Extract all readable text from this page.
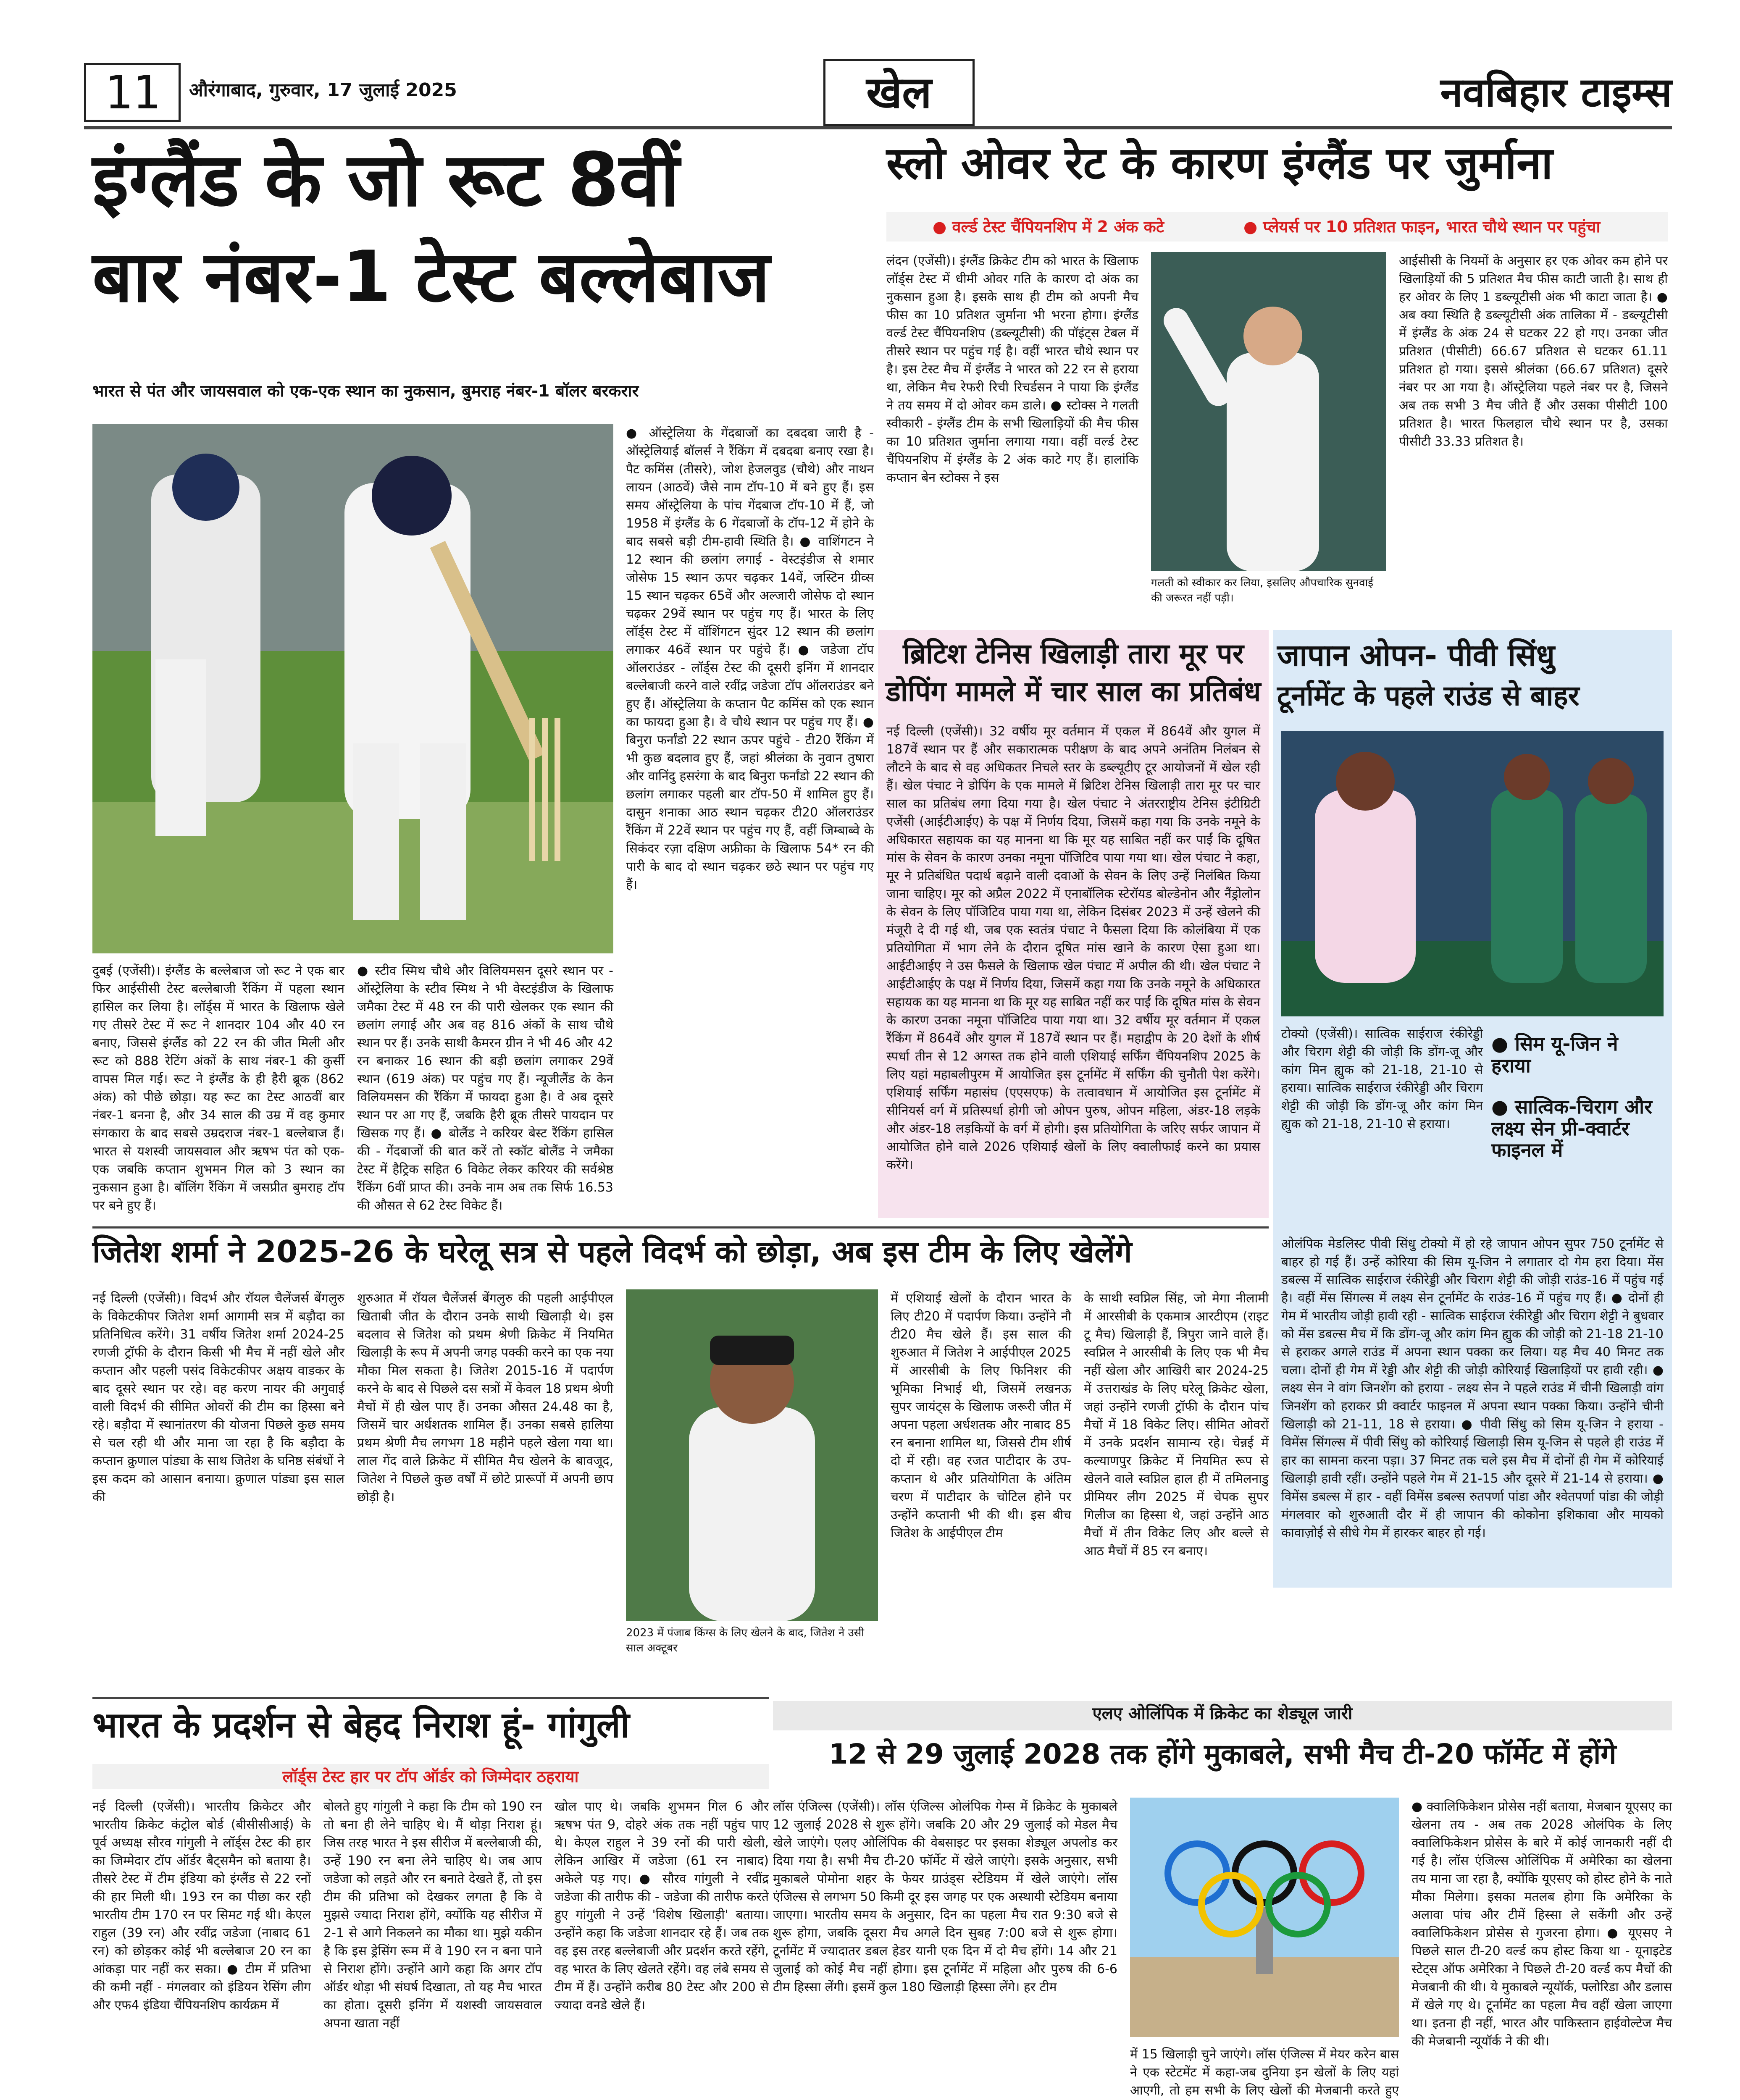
11	औरंगाबाद, गुरुवार, 17 जुलाई 2025	खेल	नवबिहार टाइम्स
इंग्लैंड के जो रूट 8वीं
बार नंबर-1 टेस्ट बल्लेबाज
भारत से पंत और जायसवाल को एक-एक स्थान का नुकसान, बुमराह नंबर-1 बॉलर बरकरार
दुबई (एजेंसी)। इंग्लैंड के बल्लेबाज जो रूट ने एक बार फिर आईसीसी टेस्ट बल्लेबाजी रैंकिंग में पहला स्थान हासिल कर लिया है। लॉर्ड्स में भारत के खिलाफ खेले गए तीसरे टेस्ट में रूट ने शानदार 104 और 40 रन बनाए, जिससे इंग्लैंड को 22 रन की जीत मिली और रूट को 888 रेटिंग अंकों के साथ नंबर-1 की कुर्सी वापस मिल गई। रूट ने इंग्लैंड के ही हैरी ब्रूक (862 अंक) को पीछे छोड़ा। यह रूट का टेस्ट आठवीं बार नंबर-1 बनना है, और 34 साल की उम्र में वह कुमार संगकारा के बाद सबसे उम्रदराज नंबर-1 बल्लेबाज हैं। भारत से यशस्वी जायसवाल और ऋषभ पंत को एक-एक जबकि कप्तान शुभमन गिल को 3 स्थान का नुकसान हुआ है। बॉलिंग रैंकिंग में जसप्रीत बुमराह टॉप पर बने हुए हैं।
● स्टीव स्मिथ चौथे और विलियमसन दूसरे स्थान पर - ऑस्ट्रेलिया के स्टीव स्मिथ ने भी वेस्टइंडीज के खिलाफ जमैका टेस्ट में 48 रन की पारी खेलकर एक स्थान की छलांग लगाई और अब वह 816 अंकों के साथ चौथे स्थान पर हैं। उनके साथी कैमरन ग्रीन ने भी 46 और 42 रन बनाकर 16 स्थान की बड़ी छलांग लगाकर 29वें स्थान (619 अंक) पर पहुंच गए हैं। न्यूजीलैंड के केन विलियमसन की रैंकिंग में फायदा हुआ है। वे अब दूसरे स्थान पर आ गए हैं, जबकि हैरी ब्रूक तीसरे पायदान पर खिसक गए हैं। ● बोलैंड ने करियर बेस्ट रैंकिंग हासिल की - गेंदबाजों की बात करें तो स्कॉट बोलैंड ने जमैका टेस्ट में हैट्रिक सहित 6 विकेट लेकर करियर की सर्वश्रेष्ठ रैंकिंग 6वीं प्राप्त की। उनके नाम अब तक सिर्फ 16.53 की औसत से 62 टेस्ट विकेट हैं।
● ऑस्ट्रेलिया के गेंदबाजों का दबदबा जारी है - ऑस्ट्रेलियाई बॉलर्स ने रैंकिंग में दबदबा बनाए रखा है। पैट कमिंस (तीसरे), जोश हेजलवुड (चौथे) और नाथन लायन (आठवें) जैसे नाम टॉप-10 में बने हुए हैं। इस समय ऑस्ट्रेलिया के पांच गेंदबाज टॉप-10 में हैं, जो 1958 में इंग्लैंड के 6 गेंदबाजों के टॉप-12 में होने के बाद सबसे बड़ी टीम-हावी स्थिति है। ● वाशिंगटन ने 12 स्थान की छलांग लगाई - वेस्टइंडीज से शमार जोसेफ 15 स्थान ऊपर चढ़कर 14वें, जस्टिन ग्रीव्स 15 स्थान चढ़कर 65वें और अल्जारी जोसेफ दो स्थान चढ़कर 29वें स्थान पर पहुंच गए हैं। भारत के लिए लॉर्ड्स टेस्ट में वॉशिंगटन सुंदर 12 स्थान की छलांग लगाकर 46वें स्थान पर पहुंचे हैं। ● जडेजा टॉप ऑलराउंडर - लॉर्ड्स टेस्ट की दूसरी इनिंग में शानदार बल्लेबाजी करने वाले रवींद्र जडेजा टॉप ऑलराउंडर बने हुए हैं। ऑस्ट्रेलिया के कप्तान पैट कमिंस को एक स्थान का फायदा हुआ है। वे चौथे स्थान पर पहुंच गए हैं। ● बिनुरा फर्नांडो 22 स्थान ऊपर पहुंचे - टी20 रैंकिंग में भी कुछ बदलाव हुए हैं, जहां श्रीलंका के नुवान तुषारा और वानिंदु हसरंगा के बाद बिनुरा फर्नांडो 22 स्थान की छलांग लगाकर पहली बार टॉप-50 में शामिल हुए हैं। दासुन शनाका आठ स्थान चढ़कर टी20 ऑलराउंडर रैंकिंग में 22वें स्थान पर पहुंच गए हैं, वहीं जिम्बाब्वे के सिकंदर रज़ा दक्षिण अफ्रीका के खिलाफ 54* रन की पारी के बाद दो स्थान चढ़कर छठे स्थान पर पहुंच गए हैं।
स्लो ओवर रेट के कारण इंग्लैंड पर जुर्माना
● वर्ल्ड टेस्ट चैंपियनशिप में 2 अंक कटे	● प्लेयर्स पर 10 प्रतिशत फाइन, भारत चौथे स्थान पर पहुंचा
लंदन (एजेंसी)। इंग्लैंड क्रिकेट टीम को भारत के खिलाफ लॉर्ड्स टेस्ट में धीमी ओवर गति के कारण दो अंक का नुकसान हुआ है। इसके साथ ही टीम को अपनी मैच फीस का 10 प्रतिशत जुर्माना भी भरना होगा। इंग्लैंड वर्ल्ड टेस्ट चैंपियनशिप (डब्ल्यूटीसी) की पॉइंट्स टेबल में तीसरे स्थान पर पहुंच गई है। वहीं भारत चौथे स्थान पर है। इस टेस्ट मैच में इंग्लैंड ने भारत को 22 रन से हराया था, लेकिन मैच रेफरी रिची रिचर्डसन ने पाया कि इंग्लैंड ने तय समय में दो ओवर कम डाले। ● स्टोक्स ने गलती स्वीकारी - इंग्लैंड टीम के सभी खिलाड़ियों की मैच फीस का 10 प्रतिशत जुर्माना लगाया गया। वहीं वर्ल्ड टेस्ट चैंपियनशिप में इंग्लैंड के 2 अंक काटे गए हैं। हालांकि कप्तान बेन स्टोक्स ने इस
गलती को स्वीकार कर लिया, इसलिए औपचारिक सुनवाई की जरूरत नहीं पड़ी।
आईसीसी के नियमों के अनुसार हर एक ओवर कम होने पर खिलाड़ियों की 5 प्रतिशत मैच फीस काटी जाती है। साथ ही हर ओवर के लिए 1 डब्ल्यूटीसी अंक भी काटा जाता है। ● अब क्या स्थिति है डब्ल्यूटीसी अंक तालिका में - डब्ल्यूटीसी में इंग्लैंड के अंक 24 से घटकर 22 हो गए। उनका जीत प्रतिशत (पीसीटी) 66.67 प्रतिशत से घटकर 61.11 प्रतिशत हो गया। इससे श्रीलंका (66.67 प्रतिशत) दूसरे नंबर पर आ गया है। ऑस्ट्रेलिया पहले नंबर पर है, जिसने अब तक सभी 3 मैच जीते हैं और उसका पीसीटी 100 प्रतिशत है। भारत फिलहाल चौथे स्थान पर है, उसका पीसीटी 33.33 प्रतिशत है।
ब्रिटिश टेनिस खिलाड़ी तारा मूर पर
डोपिंग मामले में चार साल का प्रतिबंध
नई दिल्ली (एजेंसी)। 32 वर्षीय मूर वर्तमान में एकल में 864वें और युगल में 187वें स्थान पर हैं और सकारात्मक परीक्षण के बाद अपने अनंतिम निलंबन से लौटने के बाद से वह अधिकतर निचले स्तर के डब्ल्यूटीए टूर आयोजनों में खेल रही हैं। खेल पंचाट ने डोपिंग के एक मामले में ब्रिटिश टेनिस खिलाड़ी तारा मूर पर चार साल का प्रतिबंध लगा दिया गया है। खेल पंचाट ने अंतरराष्ट्रीय टेनिस इंटीग्रिटी एजेंसी (आईटीआईए) के पक्ष में निर्णय दिया, जिसमें कहा गया कि उनके नमूने के अधिकारत सहायक का यह मानना था कि मूर यह साबित नहीं कर पाईं कि दूषित मांस के सेवन के कारण उनका नमूना पॉजिटिव पाया गया था। खेल पंचाट ने कहा, मूर ने प्रतिबंधित पदार्थ बढ़ाने वाली दवाओं के सेवन के लिए उन्हें निलंबित किया जाना चाहिए। मूर को अप्रैल 2022 में एनाबॉलिक स्टेरॉयड बोल्डेनोन और नैंड्रोलोन के सेवन के लिए पॉजिटिव पाया गया था, लेकिन दिसंबर 2023 में उन्हें खेलने की मंजूरी दे दी गई थी, जब एक स्वतंत्र पंचाट ने फैसला दिया कि कोलंबिया में एक प्रतियोगिता में भाग लेने के दौरान दूषित मांस खाने के कारण ऐसा हुआ था। आईटीआईए ने उस फैसले के खिलाफ खेल पंचाट में अपील की थी। खेल पंचाट ने आईटीआईए के पक्ष में निर्णय दिया, जिसमें कहा गया कि उनके नमूने के अधिकारत सहायक का यह मानना था कि मूर यह साबित नहीं कर पाईं कि दूषित मांस के सेवन के कारण उनका नमूना पॉजिटिव पाया गया था। 32 वर्षीय मूर वर्तमान में एकल रैंकिंग में 864वें और युगल में 187वें स्थान पर हैं। महाद्वीप के 20 देशों के शीर्ष स्पर्धा तीन से 12 अगस्त तक होने वाली एशियाई सर्फिंग चैंपियनशिप 2025 के लिए यहां महाबलीपुरम में आयोजित इस टूर्नामेंट में सर्फिंग की चुनौती पेश करेंगे। एशियाई सर्फिंग महासंघ (एएसएफ) के तत्वावधान में आयोजित इस टूर्नामेंट में सीनियर्स वर्ग में प्रतिस्पर्धा होगी जो ओपन पुरुष, ओपन महिला, अंडर-18 लड़के और अंडर-18 लड़कियों के वर्ग में होगी। इस प्रतियोगिता के जरिए सर्फर जापान में आयोजित होने वाले 2026 एशियाई खेलों के लिए क्वालीफाई करने का प्रयास करेंगे।
जापान ओपन- पीवी सिंधु
टूर्नामेंट के पहले राउंड से बाहर
टोक्यो (एजेंसी)। सात्विक साईराज रंकीरेड्डी और चिराग शेट्टी की जोड़ी कि डोंग-जू और कांग मिन ह्युक को 21-18, 21-10 से हराया। सात्विक साईराज रंकीरेड्डी और चिराग शेट्टी की जोड़ी कि डोंग-जू और कांग मिन ह्युक को 21-18, 21-10 से हराया।
● सिम यू-जिन ने हराया
● सात्विक-चिराग और लक्ष्य सेन प्री-क्वार्टर फाइनल में
ओलंपिक मेडलिस्ट पीवी सिंधु टोक्यो में हो रहे जापान ओपन सुपर 750 टूर्नामेंट से बाहर हो गई हैं। उन्हें कोरिया की सिम यू-जिन ने लगातार दो गेम हरा दिया। मेंस डबल्स में सात्विक साईराज रंकीरेड्डी और चिराग शेट्टी की जोड़ी राउंड-16 में पहुंच गई है। वहीं मेंस सिंगल्स में लक्ष्य सेन टूर्नामेंट के राउंड-16 में पहुंच गए हैं। ● दोनों ही गेम में भारतीय जोड़ी हावी रही - सात्विक साईराज रंकीरेड्डी और चिराग शेट्टी ने बुधवार को मेंस डबल्स मैच में कि डोंग-जू और कांग मिन ह्युक की जोड़ी को 21-18 21-10 से हराकर अगले राउंड में अपना स्थान पक्का कर लिया। यह मैच 40 मिनट तक चला। दोनों ही गेम में रेड्डी और शेट्टी की जोड़ी कोरियाई खिलाड़ियों पर हावी रही। ● लक्ष्य सेन ने वांग जिनशेंग को हराया - लक्ष्य सेन ने पहले राउंड में चीनी खिलाड़ी वांग जिनशेंग को हराकर प्री क्वार्टर फाइनल में अपना स्थान पक्का किया। उन्होंने चीनी खिलाड़ी को 21-11, 18 से हराया। ● पीवी सिंधु को सिम यू-जिन ने हराया - विमेंस सिंगल्स में पीवी सिंधु को कोरियाई खिलाड़ी सिम यू-जिन से पहले ही राउंड में हार का सामना करना पड़ा। 37 मिनट तक चले इस मैच में दोनों ही गेम में कोरियाई खिलाड़ी हावी रहीं। उन्होंने पहले गेम में 21-15 और दूसरे में 21-14 से हराया। ● विमेंस डबल्स में हार - वहीं विमेंस डबल्स रुतपर्णा पांडा और श्वेतपर्णा पांडा की जोड़ी मंगलवार को शुरुआती दौर में ही जापान की कोकोना इशिकावा और मायको कावाज़ोई से सीधे गेम में हारकर बाहर हो गई।
जितेश शर्मा ने 2025-26 के घरेलू सत्र से पहले विदर्भ को छोड़ा, अब इस टीम के लिए खेलेंगे
नई दिल्ली (एजेंसी)। विदर्भ और रॉयल चैलेंजर्स बेंगलुरु के विकेटकीपर जितेश शर्मा आगामी सत्र में बड़ौदा का प्रतिनिधित्व करेंगे। 31 वर्षीय जितेश शर्मा 2024-25 रणजी ट्रॉफी के दौरान किसी भी मैच में नहीं खेले और कप्तान और पहली पसंद विकेटकीपर अक्षय वाडकर के बाद दूसरे स्थान पर रहे। वह करण नायर की अगुवाई वाली विदर्भ की सीमित ओवरों की टीम का हिस्सा बने रहे। बड़ौदा में स्थानांतरण की योजना पिछले कुछ समय से चल रही थी और माना जा रहा है कि बड़ौदा के कप्तान क्रुणाल पांड्या के साथ जितेश के घनिष्ठ संबंधों ने इस कदम को आसान बनाया। क्रुणाल पांड्या इस साल की
शुरुआत में रॉयल चैलेंजर्स बेंगलुरु की पहली आईपीएल खिताबी जीत के दौरान उनके साथी खिलाड़ी थे। इस बदलाव से जितेश को प्रथम श्रेणी क्रिकेट में नियमित खिलाड़ी के रूप में अपनी जगह पक्की करने का एक नया मौका मिल सकता है। जितेश 2015-16 में पदार्पण करने के बाद से पिछले दस सत्रों में केवल 18 प्रथम श्रेणी मैचों में ही खेल पाए हैं। उनका औसत 24.48 का है, जिसमें चार अर्धशतक शामिल हैं। उनका सबसे हालिया प्रथम श्रेणी मैच लगभग 18 महीने पहले खेला गया था। लाल गेंद वाले क्रिकेट में सीमित मैच खेलने के बावजूद, जितेश ने पिछले कुछ वर्षों में छोटे प्रारूपों में अपनी छाप छोड़ी है।
2023 में पंजाब किंग्स के लिए खेलने के बाद, जितेश ने उसी साल अक्टूबर
में एशियाई खेलों के दौरान भारत के लिए टी20 में पदार्पण किया। उन्होंने नौ टी20 मैच खेले हैं। इस साल की शुरुआत में जितेश ने आईपीएल 2025 में आरसीबी के लिए फिनिशर की भूमिका निभाई थी, जिसमें लखनऊ सुपर जायंट्स के खिलाफ जरूरी जीत में अपना पहला अर्धशतक और नाबाद 85 रन बनाना शामिल था, जिससे टीम शीर्ष दो में रही। वह रजत पाटीदार के उप-कप्तान थे और प्रतियोगिता के अंतिम चरण में पाटीदार के चोटिल होने पर उन्होंने कप्तानी भी की थी। इस बीच जितेश के आईपीएल टीम
के साथी स्वप्निल सिंह, जो मेगा नीलामी में आरसीबी के एकमात्र आरटीएम (राइट टू मैच) खिलाड़ी हैं, त्रिपुरा जाने वाले हैं। स्वप्निल ने आरसीबी के लिए एक भी मैच नहीं खेला और आखिरी बार 2024-25 में उत्तराखंड के लिए घरेलू क्रिकेट खेला, जहां उन्होंने रणजी ट्रॉफी के दौरान पांच मैचों में 18 विकेट लिए। सीमित ओवरों में उनके प्रदर्शन सामान्य रहे। चेन्नई में कल्याणपुर क्रिकेट में नियमित रूप से खेलने वाले स्वप्निल हाल ही में तमिलनाडु प्रीमियर लीग 2025 में चेपक सुपर गिलीज का हिस्सा थे, जहां उन्होंने आठ मैचों में तीन विकेट लिए और बल्ले से आठ मैचों में 85 रन बनाए।
भारत के प्रदर्शन से बेहद निराश हूं- गांगुली
लॉर्ड्स टेस्ट हार पर टॉप ऑर्डर को जिम्मेदार ठहराया
नई दिल्ली (एजेंसी)। भारतीय क्रिकेटर और भारतीय क्रिकेट कंट्रोल बोर्ड (बीसीसीआई) के पूर्व अध्यक्ष सौरव गांगुली ने लॉर्ड्स टेस्ट की हार का जिम्मेदार टॉप ऑर्डर बैट्समैन को बताया है। तीसरे टेस्ट में टीम इंडिया को इंग्लैंड से 22 रनों की हार मिली थी। 193 रन का पीछा कर रही भारतीय टीम 170 रन पर सिमट गई थी। केएल राहुल (39 रन) और रवींद्र जडेजा (नाबाद 61 रन) को छोड़कर कोई भी बल्लेबाज 20 रन का आंकड़ा पार नहीं कर सका। ● टीम में प्रतिभा की कमी नहीं - मंगलवार को इंडियन रेसिंग लीग और एफ4 इंडिया चैंपियनशिप कार्यक्रम में
बोलते हुए गांगुली ने कहा कि टीम को 190 रन तो बना ही लेने चाहिए थे। मैं थोड़ा निराश हूं। जिस तरह भारत ने इस सीरीज में बल्लेबाजी की, उन्हें 190 रन बना लेने चाहिए थे। जब आप जडेजा को लड़ते और रन बनाते देखते हैं, तो इस टीम की प्रतिभा को देखकर लगता है कि वे मुझसे ज्यादा निराश होंगे, क्योंकि यह सीरीज में 2-1 से आगे निकलने का मौका था। मुझे यकीन है कि इस ड्रेसिंग रूम में वे 190 रन न बना पाने से निराश होंगे। उन्होंने आगे कहा कि अगर टॉप ऑर्डर थोड़ा भी संघर्ष दिखाता, तो यह मैच भारत का होता। दूसरी इनिंग में यशस्वी जायसवाल अपना खाता नहीं
खोल पाए थे। जबकि शुभमन गिल 6 और ऋषभ पंत 9, दोहरे अंक तक नहीं पहुंच पाए थे। केएल राहुल ने 39 रनों की पारी खेली, लेकिन आखिर में जडेजा (61 रन नाबाद) अकेले पड़ गए। ● सौरव गांगुली ने रवींद्र जडेजा की तारीफ की - जडेजा की तारीफ करते हुए गांगुली ने उन्हें 'विशेष खिलाड़ी' बताया। उन्होंने कहा कि जडेजा शानदार रहे हैं। जब तक वह इस तरह बल्लेबाजी और प्रदर्शन करते रहेंगे, वह भारत के लिए खेलते रहेंगे। वह लंबे समय से टीम में हैं। उन्होंने करीब 80 टेस्ट और 200 से ज्यादा वनडे खेले हैं।
एलए ओलिंपिक में क्रिकेट का शेड्यूल जारी
12 से 29 जुलाई 2028 तक होंगे मुकाबले, सभी मैच टी-20 फॉर्मेट में होंगे
लॉस एंजिल्स (एजेंसी)। लॉस एंजिल्स ओलंपिक गेम्स में क्रिकेट के मुकाबले 12 जुलाई 2028 से शुरू होंगे। जबकि 20 और 29 जुलाई को मेडल मैच खेले जाएंगे। एलए ओलिंपिक की वेबसाइट पर इसका शेड्यूल अपलोड कर दिया गया है। सभी मैच टी-20 फॉर्मेट में खेले जाएंगे। इसके अनुसार, सभी मुकाबले पोमोना शहर के फेयर ग्राउंड्स स्टेडियम में खेले जाएंगे। लॉस एंजिल्स से लगभग 50 किमी दूर इस जगह पर एक अस्थायी स्टेडियम बनाया जाएगा। भारतीय समय के अनुसार, दिन का पहला मैच रात 9:30 बजे से शुरू होगा, जबकि दूसरा मैच अगले दिन सुबह 7:00 बजे से शुरू होगा। टूर्नामेंट में ज्यादातर डबल हेडर यानी एक दिन में दो मैच होंगे। 14 और 21 जुलाई को कोई मैच नहीं होगा। इस टूर्नामेंट में महिला और पुरुष की 6-6 टीम हिस्सा लेंगी। इसमें कुल 180 खिलाड़ी हिस्सा लेंगे। हर टीम
में 15 खिलाड़ी चुने जाएंगे। लॉस एंजिल्स में मेयर करेन बास ने एक स्टेटमेंट में कहा-जब दुनिया इन खेलों के लिए यहां आएगी, तो हम सभी के लिए खेलों की मेजबानी करते हुए
● क्वालिफिकेशन प्रोसेस नहीं बताया, मेजबान यूएसए का खेलना तय - अब तक 2028 ओलंपिक के लिए क्वालिफिकेशन प्रोसेस के बारे में कोई जानकारी नहीं दी गई है। लॉस एंजिल्स ओलिंपिक में अमेरिका का खेलना तय माना जा रहा है, क्योंकि यूएसए को होस्ट होने के नाते मौका मिलेगा। इसका मतलब होगा कि अमेरिका के अलावा पांच और टीमें हिस्सा ले सकेंगी और उन्हें क्वालिफिकेशन प्रोसेस से गुजरना होगा। ● यूएसए ने पिछले साल टी-20 वर्ल्ड कप होस्ट किया था - यूनाइटेड स्टेट्स ऑफ अमेरिका ने पिछले टी-20 वर्ल्ड कप मैचों की मेजबानी की थी। ये मुकाबले न्यूयॉर्क, फ्लोरिडा और डलास में खेले गए थे। टूर्नामेंट का पहला मैच वहीं खेला जाएगा था। इतना ही नहीं, भारत और पाकिस्तान हाईवोल्टेज मैच की मेजबानी न्यूयॉर्क ने की थी।
